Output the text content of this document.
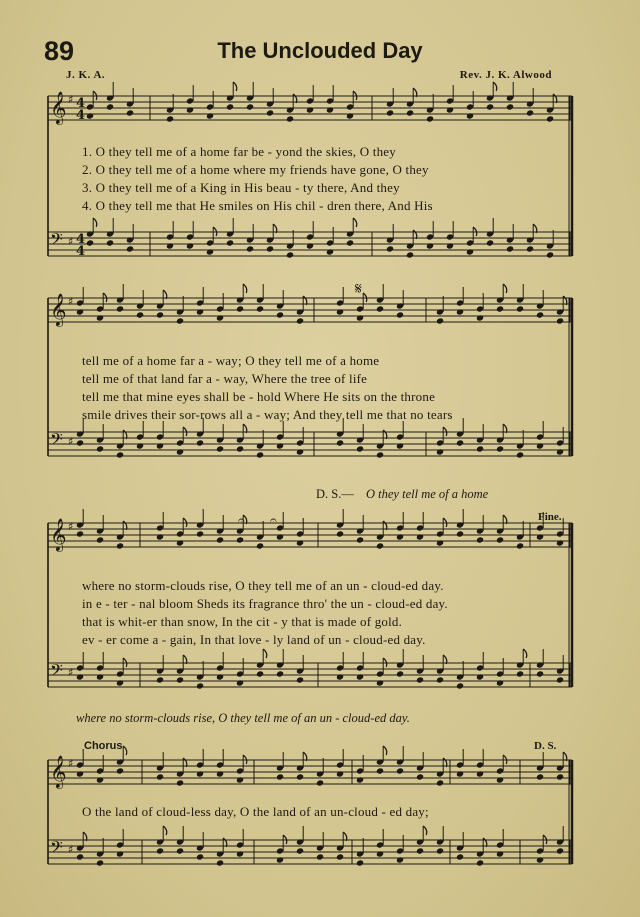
89	The Unclouded Day
J. K. A.	Rev. J. K. Alwood
𝄞 ♯
𝄢 ♯
𝄞 ♯
𝄢 ♯
𝄞 ♯
𝄢 ♯
𝄞 ♯
𝄢 ♯
4
4
4
4
𝄋
𝄐 𝄐
1. O they tell me of a home far be - yond the skies, O they
2. O they tell me of a home where my friends have gone, O they
3. O they tell me of a King in His beau - ty there, And they
4. O they tell me that He smiles on His chil - dren there, And His
tell me of a home far a - way; O they tell me of a home
tell me of that land far a - way, Where the tree of life
tell me that mine eyes shall be - hold Where He sits on the throne
smile drives their sor-rows all a - way; And they tell me that no tears
D. S.— O they tell me of a home
Fine.
where no storm-clouds rise, O they tell me of an un - cloud-ed day.
in e - ter - nal bloom Sheds its fragrance thro' the un - cloud-ed day.
that is whit-er than snow, In the cit - y that is made of gold.
ev - er come a - gain, In that love - ly land of un - cloud-ed day.
where no storm-clouds rise, O they tell me of an un - cloud-ed day.
Chorus	D. S.
O the land of cloud-less day, O the land of an un-cloud - ed day;
